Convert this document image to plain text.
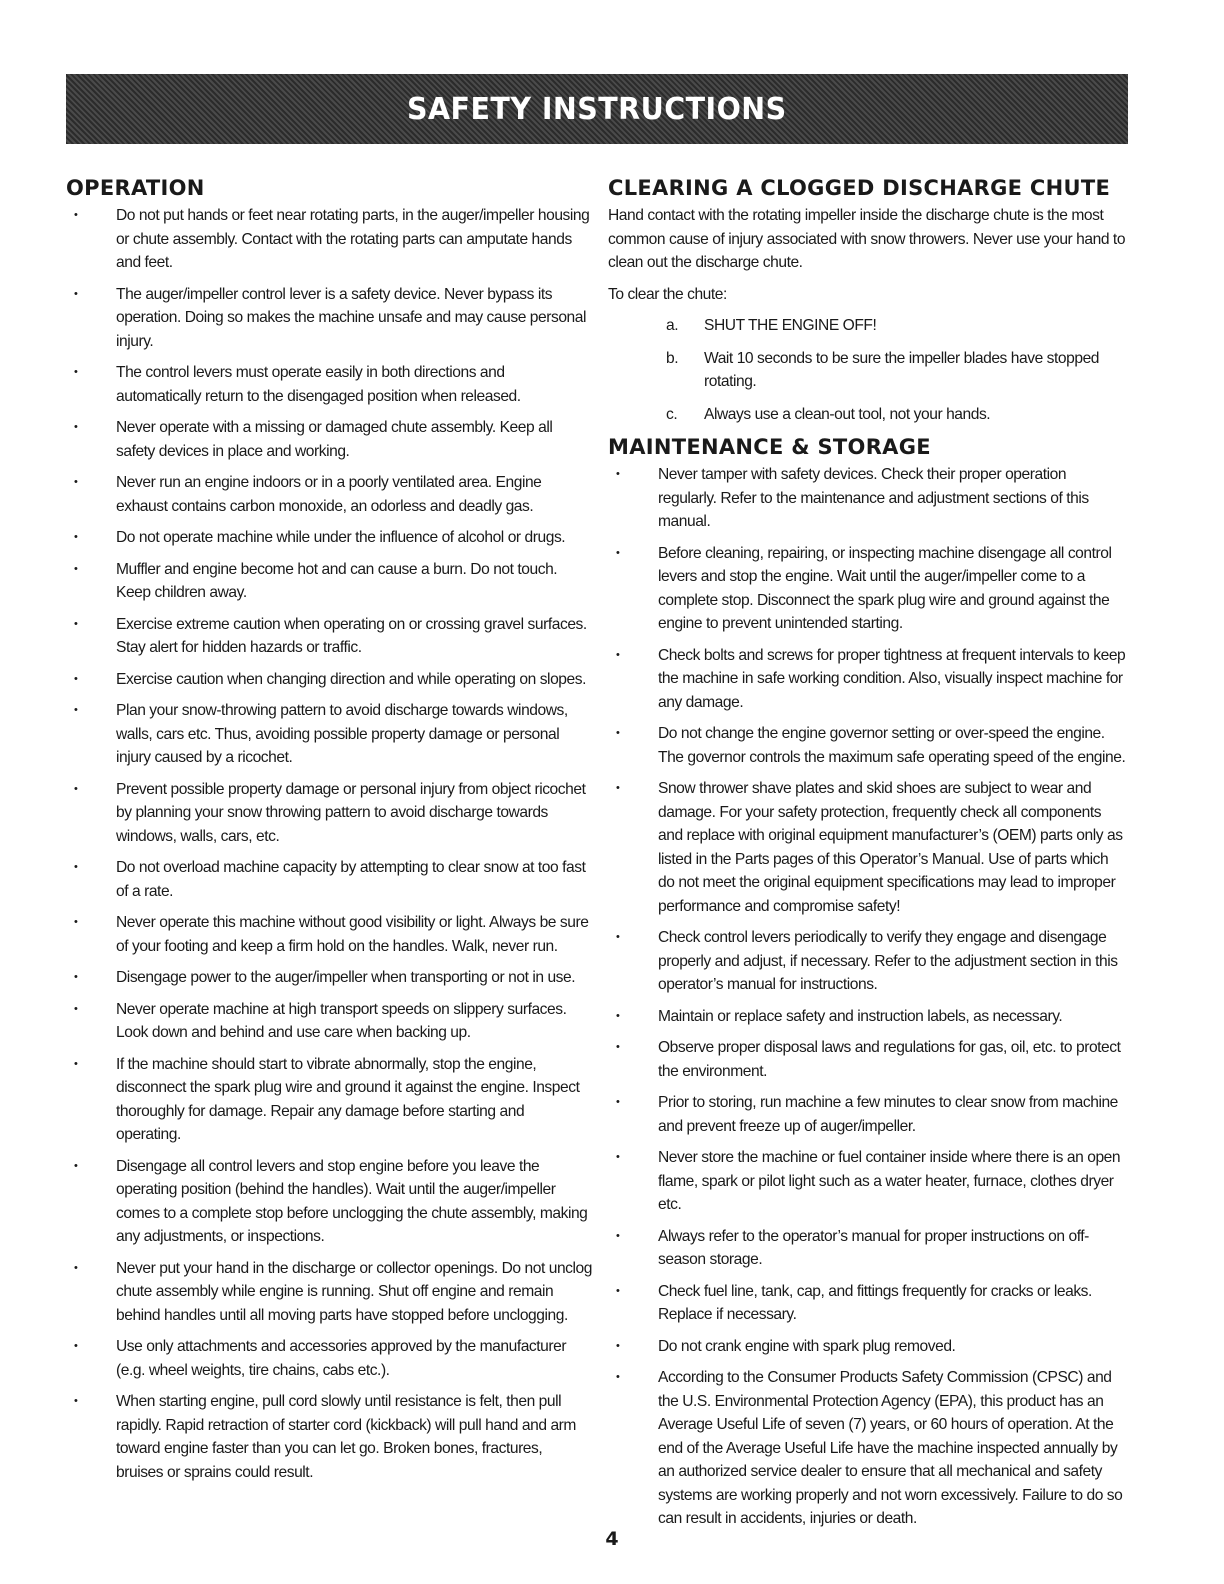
SAFETY INSTRUCTIONS
OPERATION
• Do not put hands or feet near rotating parts, in the auger/impeller housing or chute assembly. Contact with the rotating parts can amputate hands and feet.
• The auger/impeller control lever is a safety device. Never bypass its operation. Doing so makes the machine unsafe and may cause personal injury.
• The control levers must operate easily in both directions and automatically return to the disengaged position when released.
• Never operate with a missing or damaged chute assembly. Keep all safety devices in place and working.
• Never run an engine indoors or in a poorly ventilated area. Engine exhaust contains carbon monoxide, an odorless and deadly gas.
• Do not operate machine while under the influence of alcohol or drugs.
• Muffler and engine become hot and can cause a burn. Do not touch. Keep children away.
• Exercise extreme caution when operating on or crossing gravel surfaces. Stay alert for hidden hazards or traffic.
• Exercise caution when changing direction and while operating on slopes.
• Plan your snow-throwing pattern to avoid discharge towards windows, walls, cars etc. Thus, avoiding possible property damage or personal injury caused by a ricochet.
• Prevent possible property damage or personal injury from object ricochet by planning your snow throwing pattern to avoid discharge towards windows, walls, cars, etc.
• Do not overload machine capacity by attempting to clear snow at too fast of a rate.
• Never operate this machine without good visibility or light. Always be sure of your footing and keep a firm hold on the handles. Walk, never run.
• Disengage power to the auger/impeller when transporting or not in use.
• Never operate machine at high transport speeds on slippery surfaces. Look down and behind and use care when backing up.
• If the machine should start to vibrate abnormally, stop the engine, disconnect the spark plug wire and ground it against the engine. Inspect thoroughly for damage. Repair any damage before starting and operating.
• Disengage all control levers and stop engine before you leave the operating position (behind the handles). Wait until the auger/impeller comes to a complete stop before unclogging the chute assembly, making any adjustments, or inspections.
• Never put your hand in the discharge or collector openings. Do not unclog chute assembly while engine is running. Shut off engine and remain behind handles until all moving parts have stopped before unclogging.
• Use only attachments and accessories approved by the manufacturer (e.g. wheel weights, tire chains, cabs etc.).
• When starting engine, pull cord slowly until resistance is felt, then pull rapidly. Rapid retraction of starter cord (kickback) will pull hand and arm toward engine faster than you can let go. Broken bones, fractures, bruises or sprains could result.
CLEARING A CLOGGED DISCHARGE CHUTE

Hand contact with the rotating impeller inside the discharge chute is the most common cause of injury associated with snow throwers. Never use your hand to clean out the discharge chute.

To clear the chute:

a. SHUT THE ENGINE OFF!
b. Wait 10 seconds to be sure the impeller blades have stopped rotating.
c. Always use a clean-out tool, not your hands.
MAINTENANCE & STORAGE
• Never tamper with safety devices. Check their proper operation regularly. Refer to the maintenance and adjustment sections of this manual.
• Before cleaning, repairing, or inspecting machine disengage all control levers and stop the engine. Wait until the auger/impeller come to a complete stop. Disconnect the spark plug wire and ground against the engine to prevent unintended starting.
• Check bolts and screws for proper tightness at frequent intervals to keep the machine in safe working condition. Also, visually inspect machine for any damage.
• Do not change the engine governor setting or over-speed the engine. The governor controls the maximum safe operating speed of the engine.
• Snow thrower shave plates and skid shoes are subject to wear and damage. For your safety protection, frequently check all components and replace with original equipment manufacturer’s (OEM) parts only as listed in the Parts pages of this Operator’s Manual. Use of parts which do not meet the original equipment specifications may lead to improper performance and compromise safety!
• Check control levers periodically to verify they engage and disengage properly and adjust, if necessary. Refer to the adjustment section in this operator’s manual for instructions.
• Maintain or replace safety and instruction labels, as necessary.
• Observe proper disposal laws and regulations for gas, oil, etc. to protect the environment.
• Prior to storing, run machine a few minutes to clear snow from machine and prevent freeze up of auger/impeller.
• Never store the machine or fuel container inside where there is an open flame, spark or pilot light such as a water heater, furnace, clothes dryer etc.
• Always refer to the operator’s manual for proper instructions on off-season storage.
• Check fuel line, tank, cap, and fittings frequently for cracks or leaks. Replace if necessary.
• Do not crank engine with spark plug removed.
• According to the Consumer Products Safety Commission (CPSC) and the U.S. Environmental Protection Agency (EPA), this product has an Average Useful Life of seven (7) years, or 60 hours of operation. At the end of the Average Useful Life have the machine inspected annually by an authorized service dealer to ensure that all mechanical and safety systems are working properly and not worn excessively. Failure to do so can result in accidents, injuries or death.
4
